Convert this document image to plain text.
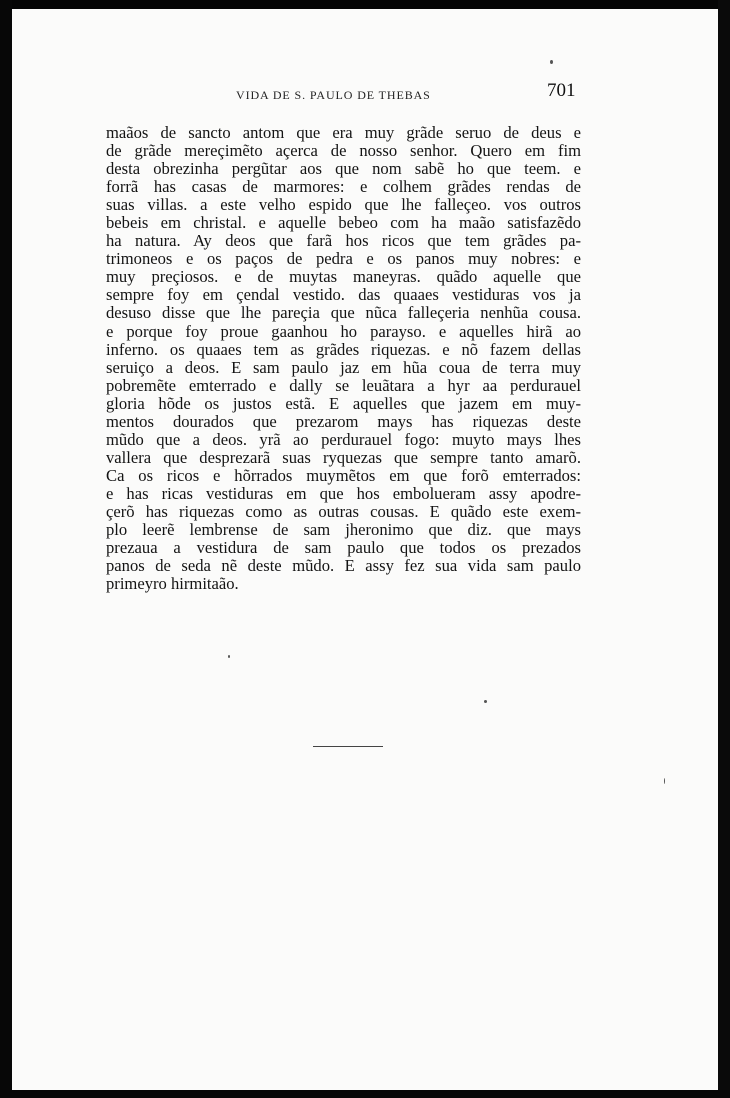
VIDA DE S. PAULO DE THEBAS	701
maãos de sancto antom que era muy grãde seruo de deus e
de grãde mereçimẽto açerca de nosso senhor. Quero em fim
desta obrezinha pergũtar aos que nom sabẽ ho que teem. e
forrã has casas de marmores: e colhem grãdes rendas de
suas villas. a este velho espido que lhe falleçeo. vos outros
bebeis em christal. e aquelle bebeo com ha maão satisfazẽdo
ha natura. Ay deos que farã hos ricos que tem grãdes pa-
trimoneos e os paços de pedra e os panos muy nobres: e
muy preçiosos. e de muytas maneyras. quãdo aquelle que
sempre foy em çendal vestido. das quaaes vestiduras vos ja
desuso disse que lhe pareçia que nũca falleçeria nenhũa cousa.
e porque foy proue gaanhou ho parayso. e aquelles hirã ao
inferno. os quaaes tem as grãdes riquezas. e nõ fazem dellas
seruiço a deos. E sam paulo jaz em hũa coua de terra muy
pobremẽte emterrado e dally se leuãtara a hyr aa perdurauel
gloria hõde os justos estã. E aquelles que jazem em muy-
mentos dourados que prezarom mays has riquezas deste
mũdo que a deos. yrã ao perdurauel fogo: muyto mays lhes
vallera que desprezarã suas ryquezas que sempre tanto amarõ.
Ca os ricos e hõrrados muymẽtos em que forõ emterrados:
e has ricas vestiduras em que hos embolueram assy apodre-
çerõ has riquezas como as outras cousas. E quãdo este exem-
plo leerẽ lembrense de sam jheronimo que diz. que mays
prezaua a vestidura de sam paulo que todos os prezados
panos de seda nẽ deste mũdo. E assy fez sua vida sam paulo
primeyro hirmitaão.
